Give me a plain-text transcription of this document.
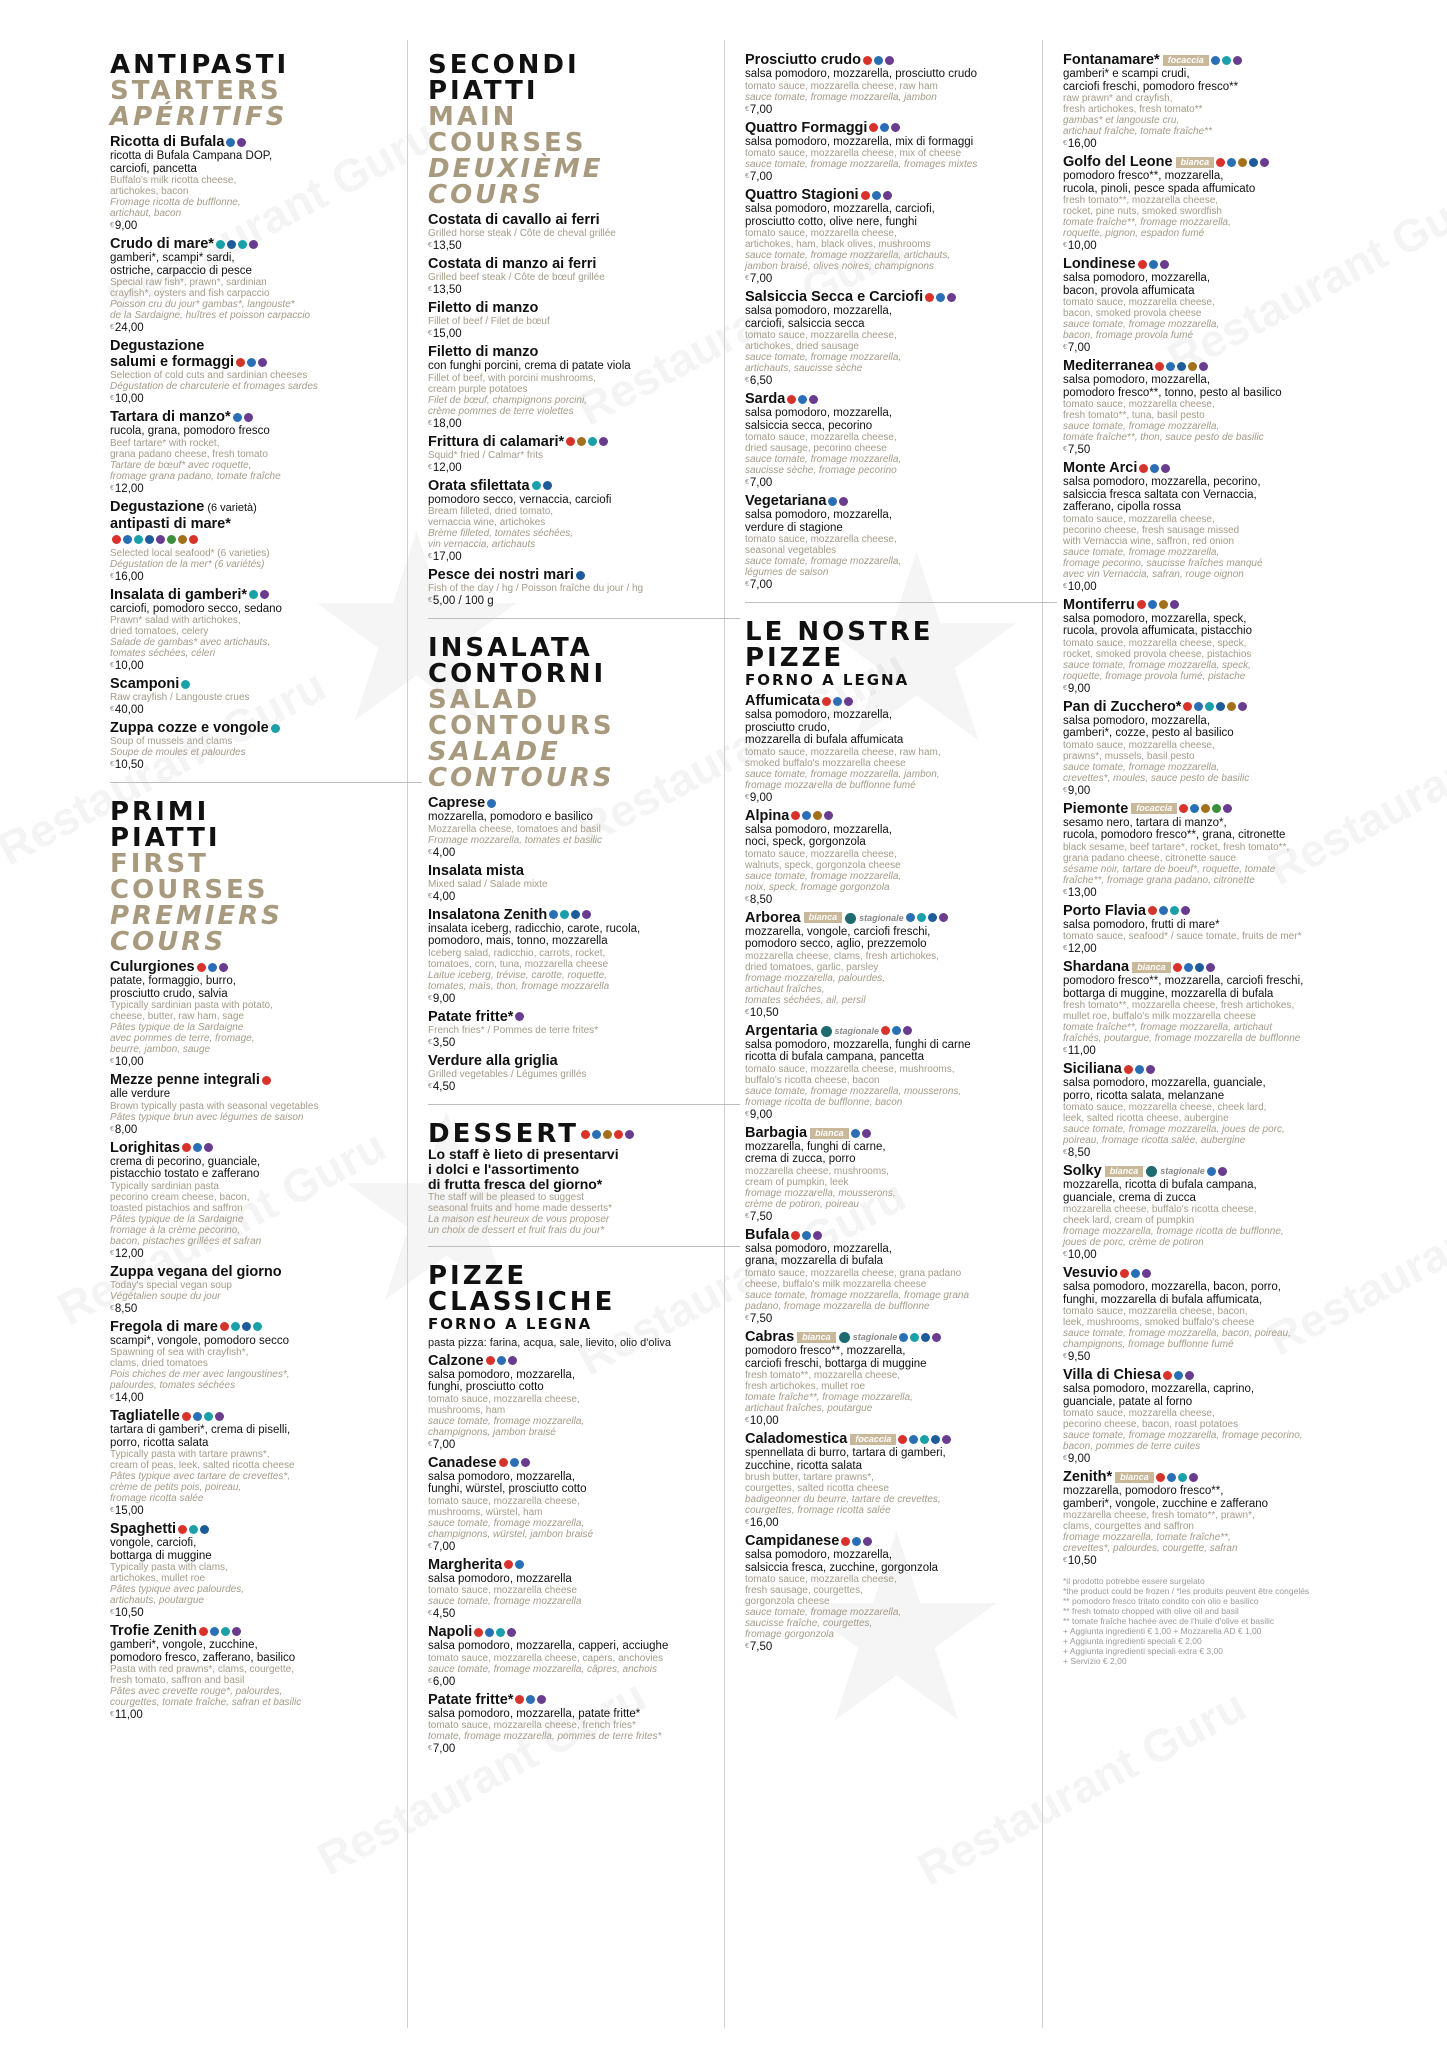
ANTIPASTI
STARTERS
APÉRITIFS
Ricotta di Bufala
ricotta di Bufala Campana DOP,
carciofi, pancetta
Buffalo's milk ricotta cheese,
artichokes, bacon
Fromage ricotta de bufflonne,
artichaut, bacon
€ 9,00
Crudo di mare*
gamberi*, scampi* sardi,
ostriche, carpaccio di pesce
Special raw fish*, prawn*, sardinian
crayfish*, oysters and fish carpaccio
Poisson cru du jour* gambas*, langouste*
de la Sardaigne, huîtres et poisson carpaccio
€ 24,00
Degustazione
salumi e formaggi
Selection of cold cuts and sardinian cheeses
Dégustation de charcuterie et fromages sardes
€ 10,00
Tartara di manzo*
rucola, grana, pomodoro fresco
Beef tartare* with rocket,
grana padano cheese, fresh tomato
Tartare de bœuf* avec roquette,
fromage grana padano, tomate fraîche
€ 12,00
Degustazione (6 varietà)
antipasti di mare*
Selected local seafood* (6 varieties)
Dégustation de la mer* (6 variétés)
€ 16,00
Insalata di gamberi*
carciofi, pomodoro secco, sedano
Prawn* salad with artichokes,
dried tomatoes, celery
Salade de gambas* avec artichauts,
tomates séchées, céleri
€ 10,00
Scamponi
Raw crayfish / Langouste crues
€ 40,00
Zuppa cozze e vongole
Soup of mussels and clams
Soupe de moules et palourdes
€ 10,50
PRIMI
PIATTI
FIRST
COURSES
PREMIERS
COURS
Culurgiones
patate, formaggio, burro,
prosciutto crudo, salvia
Typically sardinian pasta with potato,
cheese, butter, raw ham, sage
Pâtes typique de la Sardaigne
avec pommes de terre, fromage,
beurre, jambon, sauge
€ 10,00
Mezze penne integrali
alle verdure
Brown typically pasta with seasonal vegetables
Pâtes typique brun avec légumes de saison
€ 8,00
Lorighitas
crema di pecorino, guanciale,
pistacchio tostato e zafferano
Typically sardinian pasta
pecorino cream cheese, bacon,
toasted pistachios and saffron
Pâtes typique de la Sardaigne
fromage à la crème pecorino,
bacon, pistaches grillées et safran
€ 12,00
Zuppa vegana del giorno
Today's special vegan soup
Végétalien soupe du jour
€ 8,50
Fregola di mare
scampi*, vongole, pomodoro secco
Spawning of sea with crayfish*,
clams, dried tomatoes
Pois chiches de mer avec langoustines*,
palourdes, tomates séchées
€ 14,00
Tagliatelle
tartara di gamberi*, crema di piselli,
porro, ricotta salata
Typically pasta with tartare prawns*,
cream of peas, leek, salted ricotta cheese
Pâtes typique avec tartare de crevettes*,
crème de petits pois, poireau,
fromage ricotta salée
€ 15,00
Spaghetti
vongole, carciofi,
bottarga di muggine
Typically pasta with clams,
artichokes, mullet roe
Pâtes typique avec palourdes,
artichauts, poutargue
€ 10,50
Trofie Zenith
gamberi*, vongole, zucchine,
pomodoro fresco, zafferano, basilico
Pasta with red prawns*, clams, courgette,
fresh tomato, saffron and basil
Pâtes avec crevette rouge*, palourdes,
courgettes, tomate fraîche, safran et basilic
€ 11,00
SECONDI
PIATTI
MAIN
COURSES
DEUXIÈME
COURS
Costata di cavallo ai ferri
Grilled horse steak / Côte de cheval grillée
€ 13,50
Costata di manzo ai ferri
Grilled beef steak / Côte de bœuf grillée
€ 13,50
Filetto di manzo
Fillet of beef / Filet de bœuf
€ 15,00
Filetto di manzo
con funghi porcini, crema di patate viola
Fillet of beef, with porcini mushrooms,
cream purple potatoes
Filet de bœuf, champignons porcini,
crème pommes de terre violettes
€ 18,00
Frittura di calamari*
Squid* fried / Calmar* frits
€ 12,00
Orata sfilettata
pomodoro secco, vernaccia, carciofi
Bream filleted, dried tomato,
vernaccia wine, artichokes
Brème filleted, tomates séchées,
vin vernaccia, artichauts
€ 17,00
Pesce dei nostri mari
Fish of the day / hg / Poisson fraîche du jour / hg
€ 5,00 / 100 g
INSALATA
CONTORNI
SALAD
CONTOURS
SALADE
CONTOURS
Caprese
mozzarella, pomodoro e basilico
Mozzarella cheese, tomatoes and basil
Fromage mozzarella, tomates et basilic
€ 4,00
Insalata mista
Mixed salad / Salade mixte
€ 4,00
Insalatona Zenith
insalata iceberg, radicchio, carote, rucola,
pomodoro, mais, tonno, mozzarella
Iceberg salad, radicchio, carrots, rocket,
tomatoes, corn, tuna, mozzarella cheese
Laitue iceberg, trévise, carotte, roquette,
tomates, maïs, thon, fromage mozzarella
€ 9,00
Patate fritte*
French fries* / Pommes de terre frites*
€ 3,50
Verdure alla griglia
Grilled vegetables / Légumes grillés
€ 4,50
DESSERT
Lo staff è lieto di presentarvi
i dolci e l'assortimento
di frutta fresca del giorno*
The staff will be pleased to suggest
seasonal fruits and home made desserts*
La maison est heureux de vous proposer
un choix de dessert et fruit frais du jour*
PIZZE
CLASSICHE
FORNO A LEGNA
pasta pizza: farina, acqua, sale, lievito, olio d'oliva
Calzone
salsa pomodoro, mozzarella,
funghi, prosciutto cotto
tomato sauce, mozzarella cheese,
mushrooms, ham
sauce tomate, fromage mozzarella,
champignons, jambon braisé
€ 7,00
Canadese
salsa pomodoro, mozzarella,
funghi, würstel, prosciutto cotto
tomato sauce, mozzarella cheese,
mushrooms, würstel, ham
sauce tomate, fromage mozzarella,
champignons, würstel, jambon braisé
€ 7,00
Margherita
salsa pomodoro, mozzarella
tomato sauce, mozzarella cheese
sauce tomate, fromage mozzarella
€ 4,50
Napoli
salsa pomodoro, mozzarella, capperi, acciughe
tomato sauce, mozzarella cheese, capers, anchovies
sauce tomate, fromage mozzarella, câpres, anchois
€ 6,00
Patate fritte*
salsa pomodoro, mozzarella, patate fritte*
tomato sauce, mozzarella cheese, french fries*
tomate, fromage mozzarella, pommes de terre frites*
€ 7,00
Prosciutto crudo
salsa pomodoro, mozzarella, prosciutto crudo
tomato sauce, mozzarella cheese, raw ham
sauce tomate, fromage mozzarella, jambon
€ 7,00
Quattro Formaggi
salsa pomodoro, mozzarella, mix di formaggi
tomato sauce, mozzarella cheese, mix of cheese
sauce tomate, fromage mozzarella, fromages mixtes
€ 7,00
Quattro Stagioni
salsa pomodoro, mozzarella, carciofi,
prosciutto cotto, olive nere, funghi
tomato sauce, mozzarella cheese,
artichokes, ham, black olives, mushrooms
sauce tomate, fromage mozzarella, artichauts,
jambon braisé, olives noires, champignons
€ 7,00
Salsiccia Secca e Carciofi
salsa pomodoro, mozzarella,
carciofi, salsiccia secca
tomato sauce, mozzarella cheese,
artichokes, dried sausage
sauce tomate, fromage mozzarella,
artichauts, saucisse sèche
€ 6,50
Sarda
salsa pomodoro, mozzarella,
salsiccia secca, pecorino
tomato sauce, mozzarella cheese,
dried sausage, pecorino cheese
sauce tomate, fromage mozzarella,
saucisse sèche, fromage pecorino
€ 7,00
Vegetariana
salsa pomodoro, mozzarella,
verdure di stagione
tomato sauce, mozzarella cheese,
seasonal vegetables
sauce tomate, fromage mozzarella,
légumes de saison
€ 7,00
LE NOSTRE
PIZZE
FORNO A LEGNA
Affumicata
salsa pomodoro, mozzarella,
prosciutto crudo,
mozzarella di bufala affumicata
tomato sauce, mozzarella cheese, raw ham,
smoked buffalo's mozzarella cheese
sauce tomate, fromage mozzarella, jambon,
fromage mozzarella de bufflonne fumé
€ 9,00
Alpina
salsa pomodoro, mozzarella,
noci, speck, gorgonzola
tomato sauce, mozzarella cheese,
walnuts, speck, gorgonzola cheese
sauce tomate, fromage mozzarella,
noix, speck, fromage gorgonzola
€ 8,50
Arborea bianca stagionale
mozzarella, vongole, carciofi freschi,
pomodoro secco, aglio, prezzemolo
mozzarella cheese, clams, fresh artichokes,
dried tomatoes, garlic, parsley
fromage mozzarella, palourdes,
artichaut fraîches,
tomates séchées, ail, persil
€ 10,50
Argentaria stagionale
salsa pomodoro, mozzarella, funghi di carne
ricotta di bufala campana, pancetta
tomato sauce, mozzarella cheese, mushrooms,
buffalo's ricotta cheese, bacon
sauce tomate, fromage mozzarella, mousserons,
fromage ricotta de bufflonne, bacon
€ 9,00
Barbagia bianca
mozzarella, funghi di carne,
crema di zucca, porro
mozzarella cheese, mushrooms,
cream of pumpkin, leek
fromage mozzarella, mousserons,
crème de potiron, poireau
€ 7,50
Bufala
salsa pomodoro, mozzarella,
grana, mozzarella di bufala
tomato sauce, mozzarella cheese, grana padano
cheese, buffalo's milk mozzarella cheese
sauce tomate, fromage mozzarella, fromage grana
padano, fromage mozzarella de bufflonne
€ 7,50
Cabras bianca stagionale
pomodoro fresco**, mozzarella,
carciofi freschi, bottarga di muggine
fresh tomato**, mozzarella cheese,
fresh artichokes, mullet roe
tomate fraîche**, fromage mozzarella,
artichaut fraîches, poutargue
€ 10,00
Caladomestica focaccia
spennellata di burro, tartara di gamberi,
zucchine, ricotta salata
brush butter, tartare prawns*,
courgettes, salted ricotta cheese
badigeonner du beurre, tartare de crevettes,
courgettes, fromage ricotta salée
€ 16,00
Campidanese
salsa pomodoro, mozzarella,
salsiccia fresca, zucchine, gorgonzola
tomato sauce, mozzarella cheese,
fresh sausage, courgettes,
gorgonzola cheese
sauce tomate, fromage mozzarella,
saucisse fraîche, courgettes,
fromage gorgonzola
€ 7,50
Fontanamare* focaccia
gamberi* e scampi crudi,
carciofi freschi, pomodoro fresco**
raw prawn* and crayfish,
fresh artichokes, fresh tomato**
gambas* et langouste cru,
artichaut fraîche, tomate fraîche**
€ 16,00
Golfo del Leone bianca
pomodoro fresco**, mozzarella,
rucola, pinoli, pesce spada affumicato
fresh tomato**, mozzarella cheese,
rocket, pine nuts, smoked swordfish
tomate fraîche**, fromage mozzarella,
roquette, pignon, espadon fumé
€ 10,00
Londinese
salsa pomodoro, mozzarella,
bacon, provola affumicata
tomato sauce, mozzarella cheese,
bacon, smoked provola cheese
sauce tomate, fromage mozzarella,
bacon, fromage provola fumé
€ 7,00
Mediterranea
salsa pomodoro, mozzarella,
pomodoro fresco**, tonno, pesto al basilico
tomato sauce, mozzarella cheese,
fresh tomato**, tuna, basil pesto
sauce tomate, fromage mozzarella,
tomate fraîche**, thon, sauce pesto de basilic
€ 7,50
Monte Arci
salsa pomodoro, mozzarella, pecorino,
salsiccia fresca saltata con Vernaccia,
zafferano, cipolla rossa
tomato sauce, mozzarella cheese,
pecorino cheese, fresh sausage missed
with Vernaccia wine, saffron, red onion
sauce tomate, fromage mozzarella,
fromage pecorino, saucisse fraîches manqué
avec vin Vernaccia, safran, rouge oignon
€ 10,00
Montiferru
salsa pomodoro, mozzarella, speck,
rucola, provola affumicata, pistacchio
tomato sauce, mozzarella cheese, speck,
rocket, smoked provola cheese, pistachios
sauce tomate, fromage mozzarella, speck,
roquette, fromage provola fumé, pistache
€ 9,00
Pan di Zucchero*
salsa pomodoro, mozzarella,
gamberi*, cozze, pesto al basilico
tomato sauce, mozzarella cheese,
prawns*, mussels, basil pesto
sauce tomate, fromage mozzarella,
crevettes*, moules, sauce pesto de basilic
€ 9,00
Piemonte focaccia
sesamo nero, tartara di manzo*,
rucola, pomodoro fresco**, grana, citronette
black sesame, beef tartare*, rocket, fresh tomato**,
grana padano cheese, citronette sauce
sésame noir, tartare de boeuf*, roquette, tomate
fraîche**, fromage grana padano, citronette
€ 13,00
Porto Flavia
salsa pomodoro, frutti di mare*
tomato sauce, seafood* / sauce tomate, fruits de mer*
€ 12,00
Shardana bianca
pomodoro fresco**, mozzarella, carciofi freschi,
bottarga di muggine, mozzarella di bufala
fresh tomato**, mozzarella cheese, fresh artichokes,
mullet roe, buffalo's milk mozzarella cheese
tomate fraîche**, fromage mozzarella, artichaut
fraîchés, poutargue, fromage mozzarella de bufflonne
€ 11,00
Siciliana
salsa pomodoro, mozzarella, guanciale,
porro, ricotta salata, melanzane
tomato sauce, mozzarella cheese, cheek lard,
leek, salted ricotta cheese, aubergine
sauce tomate, fromage mozzarella, joues de porc,
poireau, fromage ricotta salée, aubergine
€ 8,50
Solky bianca stagionale
mozzarella, ricotta di bufala campana,
guanciale, crema di zucca
mozzarella cheese, buffalo's ricotta cheese,
cheek lard, cream of pumpkin
fromage mozzarella, fromage ricotta de bufflonne,
joues de porc, crème de potiron
€ 10,00
Vesuvio
salsa pomodoro, mozzarella, bacon, porro,
funghi, mozzarella di bufala affumicata,
tomato sauce, mozzarella cheese, bacon,
leek, mushrooms, smoked buffalo's cheese
sauce tomate, fromage mozzarella, bacon, poireau,
champignons, fromage bufflonne fumé
€ 9,50
Villa di Chiesa
salsa pomodoro, mozzarella, caprino,
guanciale, patate al forno
tomato sauce, mozzarella cheese,
pecorino cheese, bacon, roast potatoes
sauce tomate, fromage mozzarella, fromage pecorino,
bacon, pommes de terre cuites
€ 9,00
Zenith* bianca
mozzarella, pomodoro fresco**,
gamberi*, vongole, zucchine e zafferano
mozzarella cheese, fresh tomato**, prawn*,
clams, courgettes and saffron
fromage mozzarella, tomate fraîche**,
crevettes*, palourdes, courgette, safran
€ 10,50
*il prodotto potrebbe essere surgelato
*the product could be frozen / *les produits peuvent être congelés
** pomodoro fresco tritato condito con olio e basilico
** fresh tomato chopped with olive oil and basil
** tomate fraîche hachée avec de l'huile d'olive et basilic
+ Aggiunta ingredienti € 1,00 + Mozzarella AD € 1,00
+ Aggiunta ingredienti speciali € 2,00
+ Aggiunta ingredienti speciali extra € 3,00
+ Servizio € 2,00
